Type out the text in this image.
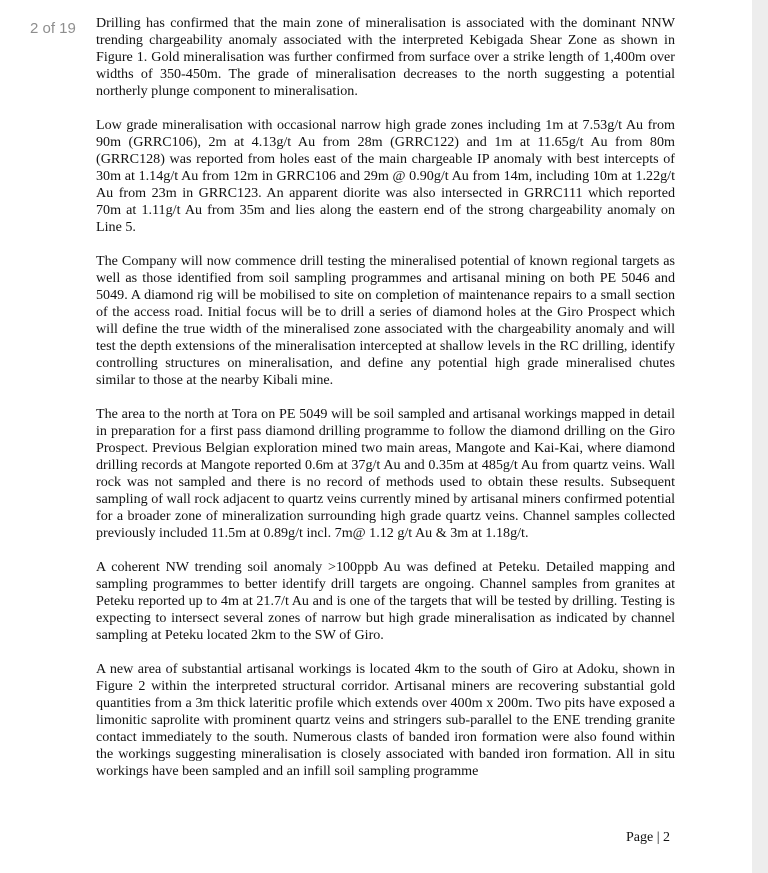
2 of 19 Drilling has confirmed that the main zone of mineralisation is associated with the dominant NNW trending chargeability anomaly associated with the interpreted Kebigada Shear Zone as shown in Figure 1. Gold mineralisation was further confirmed from surface over a strike length of 1,400m over widths of 350-450m. The grade of mineralisation decreases to the north suggesting a potential northerly plunge component to mineralisation.

Low grade mineralisation with occasional narrow high grade zones including 1m at 7.53g/t Au from 90m (GRRC106), 2m at 4.13g/t Au from 28m (GRRC122) and 1m at 11.65g/t Au from 80m (GRRC128) was reported from holes east of the main chargeable IP anomaly with best intercepts of 30m at 1.14g/t Au from 12m in GRRC106 and 29m @ 0.90g/t Au from 14m, including 10m at 1.22g/t Au from 23m in GRRC123. An apparent diorite was also intersected in GRRC111 which reported 70m at 1.11g/t Au from 35m and lies along the eastern end of the strong chargeability anomaly on Line 5.

The Company will now commence drill testing the mineralised potential of known regional targets as well as those identified from soil sampling programmes and artisanal mining on both PE 5046 and 5049. A diamond rig will be mobilised to site on completion of maintenance repairs to a small section of the access road. Initial focus will be to drill a series of diamond holes at the Giro Prospect which will define the true width of the mineralised zone associated with the chargeability anomaly and will test the depth extensions of the mineralisation intercepted at shallow levels in the RC drilling, identify controlling structures on mineralisation, and define any potential high grade mineralised chutes similar to those at the nearby Kibali mine.

The area to the north at Tora on PE 5049 will be soil sampled and artisanal workings mapped in detail in preparation for a first pass diamond drilling programme to follow the diamond drilling on the Giro Prospect. Previous Belgian exploration mined two main areas, Mangote and Kai-Kai, where diamond drilling records at Mangote reported 0.6m at 37g/t Au and 0.35m at 485g/t Au from quartz veins. Wall rock was not sampled and there is no record of methods used to obtain these results. Subsequent sampling of wall rock adjacent to quartz veins currently mined by artisanal miners confirmed potential for a broader zone of mineralization surrounding high grade quartz veins. Channel samples collected previously included 11.5m at 0.89g/t incl. 7m@ 1.12 g/t Au & 3m at 1.18g/t.

A coherent NW trending soil anomaly >100ppb Au was defined at Peteku. Detailed mapping and sampling programmes to better identify drill targets are ongoing. Channel samples from granites at Peteku reported up to 4m at 21.7/t Au and is one of the targets that will be tested by drilling. Testing is expecting to intersect several zones of narrow but high grade mineralisation as indicated by channel sampling at Peteku located 2km to the SW of Giro.

A new area of substantial artisanal workings is located 4km to the south of Giro at Adoku, shown in Figure 2 within the interpreted structural corridor. Artisanal miners are recovering substantial gold quantities from a 3m thick lateritic profile which extends over 400m x 200m. Two pits have exposed a limonitic saprolite with prominent quartz veins and stringers sub-parallel to the ENE trending granite contact immediately to the south. Numerous clasts of banded iron formation were also found within the workings suggesting mineralisation is closely associated with banded iron formation. All in situ workings have been sampled and an infill soil sampling programme

Page | 2
